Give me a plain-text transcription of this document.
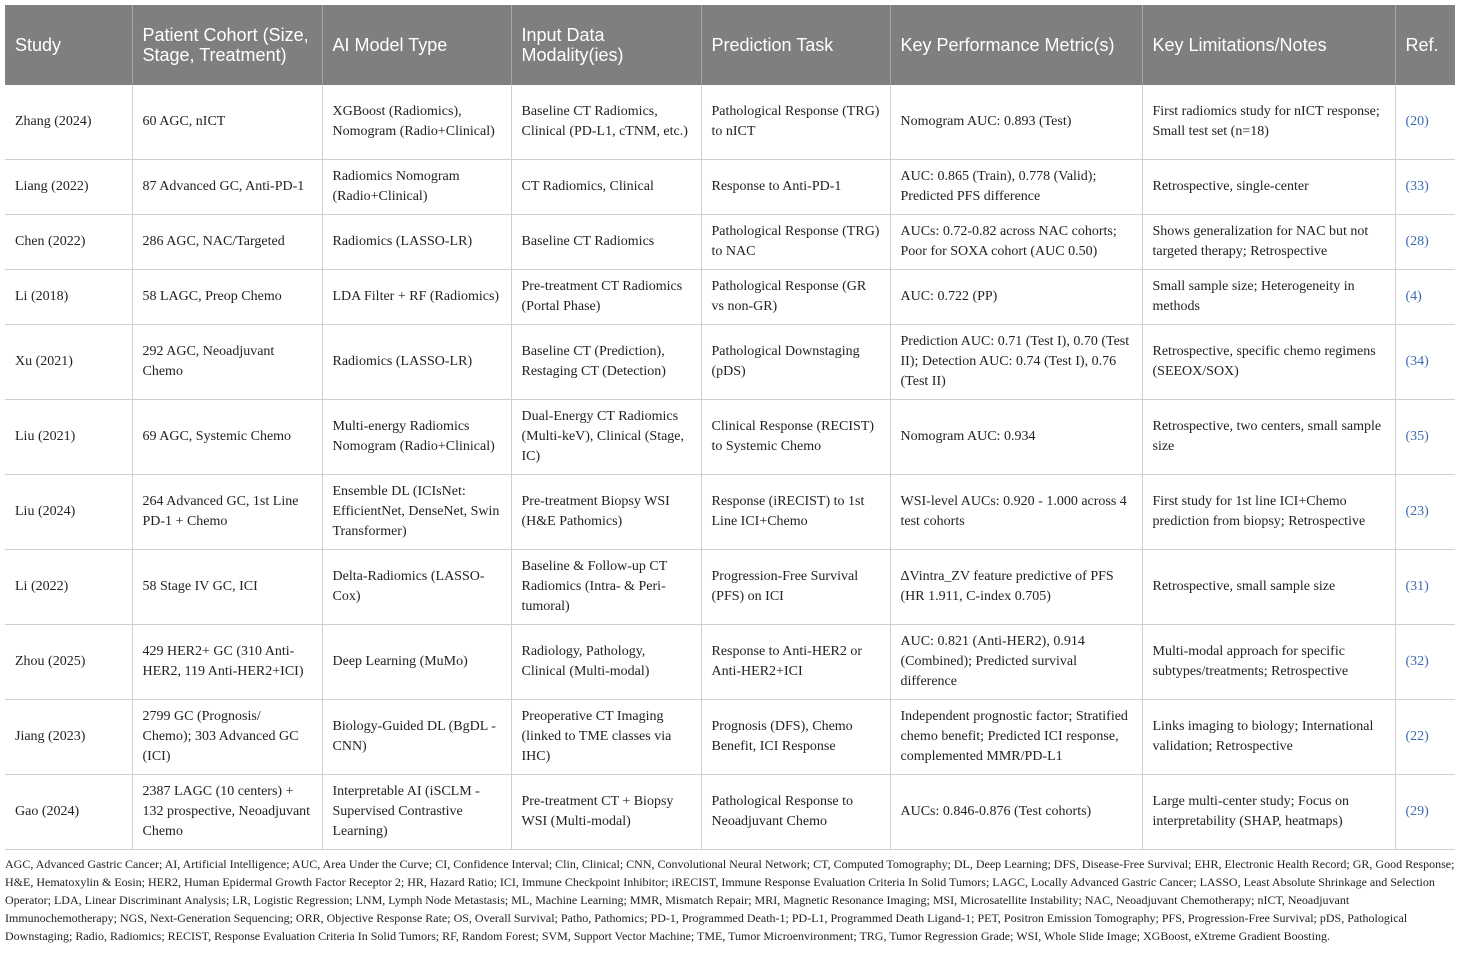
Study	Patient Cohort (Size, Stage, Treatment)	AI Model Type	Input Data Modality(ies)	Prediction Task	Key Performance Metric(s)	Key Limitations/Notes	Ref.
Zhang (2024)	60 AGC, nICT	XGBoost (Radiomics), Nomogram (Radio+Clinical)	Baseline CT Radiomics, Clinical (PD-L1, cTNM, etc.)	Pathological Response (TRG) to nICT	Nomogram AUC: 0.893 (Test)	First radiomics study for nICT response; Small test set (n=18)	(20)
Liang (2022)	87 Advanced GC, Anti-PD-1	Radiomics Nomogram (Radio+Clinical)	CT Radiomics, Clinical	Response to Anti-PD-1	AUC: 0.865 (Train), 0.778 (Valid); Predicted PFS difference	Retrospective, single-center	(33)
Chen (2022)	286 AGC, NAC/Targeted	Radiomics (LASSO-LR)	Baseline CT Radiomics	Pathological Response (TRG) to NAC	AUCs: 0.72-0.82 across NAC cohorts; Poor for SOXA cohort (AUC 0.50)	Shows generalization for NAC but not targeted therapy; Retrospective	(28)
Li (2018)	58 LAGC, Preop Chemo	LDA Filter + RF (Radiomics)	Pre-treatment CT Radiomics (Portal Phase)	Pathological Response (GR vs non-GR)	AUC: 0.722 (PP)	Small sample size; Heterogeneity in methods	(4)
Xu (2021)	292 AGC, Neoadjuvant Chemo	Radiomics (LASSO-LR)	Baseline CT (Prediction), Restaging CT (Detection)	Pathological Downstaging (pDS)	Prediction AUC: 0.71 (Test I), 0.70 (Test II); Detection AUC: 0.74 (Test I), 0.76 (Test II)	Retrospective, specific chemo regimens (SEEOX/SOX)	(34)
Liu (2021)	69 AGC, Systemic Chemo	Multi-energy Radiomics Nomogram (Radio+Clinical)	Dual-Energy CT Radiomics (Multi-keV), Clinical (Stage, IC)	Clinical Response (RECIST) to Systemic Chemo	Nomogram AUC: 0.934	Retrospective, two centers, small sample size	(35)
Liu (2024)	264 Advanced GC, 1st Line PD-1 + Chemo	Ensemble DL (ICIsNet: EfficientNet, DenseNet, Swin Transformer)	Pre-treatment Biopsy WSI (H&E Pathomics)	Response (iRECIST) to 1st Line ICI+Chemo	WSI-level AUCs: 0.920 - 1.000 across 4 test cohorts	First study for 1st line ICI+Chemo prediction from biopsy; Retrospective	(23)
Li (2022)	58 Stage IV GC, ICI	Delta-Radiomics (LASSO-Cox)	Baseline & Follow-up CT Radiomics (Intra- & Peri-tumoral)	Progression-Free Survival (PFS) on ICI	ΔVintra_ZV feature predictive of PFS (HR 1.911, C-index 0.705)	Retrospective, small sample size	(31)
Zhou (2025)	429 HER2+ GC (310 Anti-HER2, 119 Anti-HER2+ICI)	Deep Learning (MuMo)	Radiology, Pathology, Clinical (Multi-modal)	Response to Anti-HER2 or Anti-HER2+ICI	AUC: 0.821 (Anti-HER2), 0.914 (Combined); Predicted survival difference	Multi-modal approach for specific subtypes/treatments; Retrospective	(32)
Jiang (2023)	2799 GC (Prognosis/ Chemo); 303 Advanced GC (ICI)	Biology-Guided DL (BgDL - CNN)	Preoperative CT Imaging (linked to TME classes via IHC)	Prognosis (DFS), Chemo Benefit, ICI Response	Independent prognostic factor; Stratified chemo benefit; Predicted ICI response, complemented MMR/PD-L1	Links imaging to biology; International validation; Retrospective	(22)
Gao (2024)	2387 LAGC (10 centers) + 132 prospective, Neoadjuvant Chemo	Interpretable AI (iSCLM - Supervised Contrastive Learning)	Pre-treatment CT + Biopsy WSI (Multi-modal)	Pathological Response to Neoadjuvant Chemo	AUCs: 0.846-0.876 (Test cohorts)	Large multi-center study; Focus on interpretability (SHAP, heatmaps)	(29)
AGC, Advanced Gastric Cancer; AI, Artificial Intelligence; AUC, Area Under the Curve; CI, Confidence Interval; Clin, Clinical; CNN, Convolutional Neural Network; CT, Computed Tomography; DL, Deep Learning; DFS, Disease-Free Survival; EHR, Electronic Health Record; GR, Good Response; H&E, Hematoxylin & Eosin; HER2, Human Epidermal Growth Factor Receptor 2; HR, Hazard Ratio; ICI, Immune Checkpoint Inhibitor; iRECIST, Immune Response Evaluation Criteria In Solid Tumors; LAGC, Locally Advanced Gastric Cancer; LASSO, Least Absolute Shrinkage and Selection Operator; LDA, Linear Discriminant Analysis; LR, Logistic Regression; LNM, Lymph Node Metastasis; ML, Machine Learning; MMR, Mismatch Repair; MRI, Magnetic Resonance Imaging; MSI, Microsatellite Instability; NAC, Neoadjuvant Chemotherapy; nICT, Neoadjuvant Immunochemotherapy; NGS, Next-Generation Sequencing; ORR, Objective Response Rate; OS, Overall Survival; Patho, Pathomics; PD-1, Programmed Death-1; PD-L1, Programmed Death Ligand-1; PET, Positron Emission Tomography; PFS, Progression-Free Survival; pDS, Pathological Downstaging; Radio, Radiomics; RECIST, Response Evaluation Criteria In Solid Tumors; RF, Random Forest; SVM, Support Vector Machine; TME, Tumor Microenvironment; TRG, Tumor Regression Grade; WSI, Whole Slide Image; XGBoost, eXtreme Gradient Boosting.
